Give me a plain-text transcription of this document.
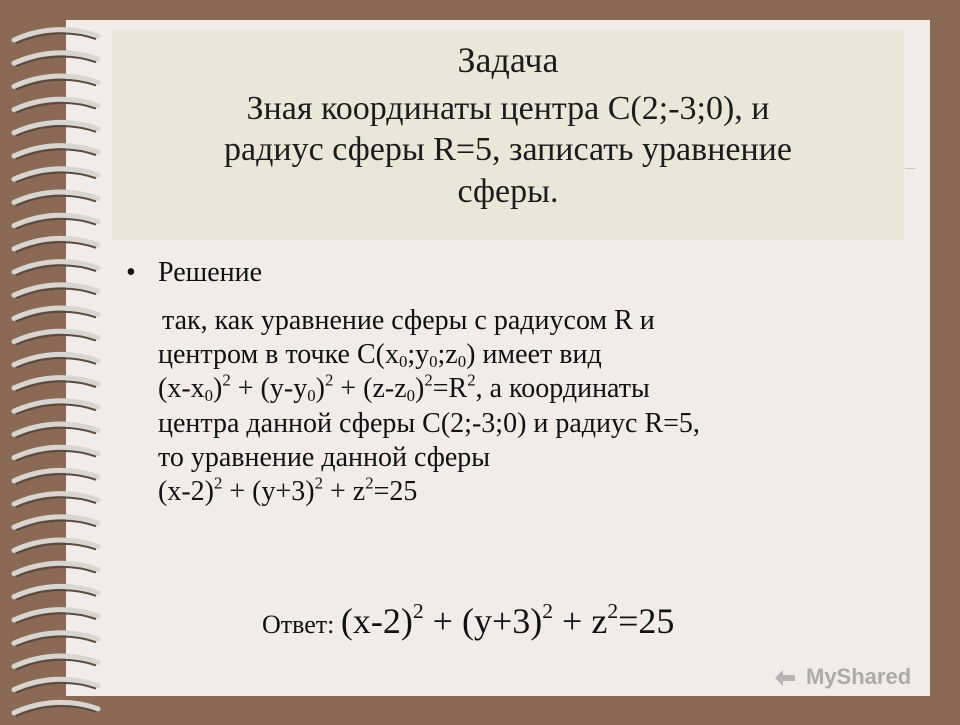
Задача
Зная координаты центра С(2;-3;0), и
радиус сферы R=5, записать уравнение
сферы.
• Решение
так, как уравнение сферы с радиусом R и
центром в точке $С(x_0;y_0;z_0)$ имеет вид
$(x-x_0)^2 + (y-y_0)^2 + (z-z_0)^2=R^2$, а координаты
центра данной сферы С(2;-3;0) и радиус R=5,
то уравнение данной сферы
$(x-2)^2 + (y+3)^2 + z^2=25$
Ответ: $(x-2)^2 + (y+3)^2 + z^2=25$
MyShared
